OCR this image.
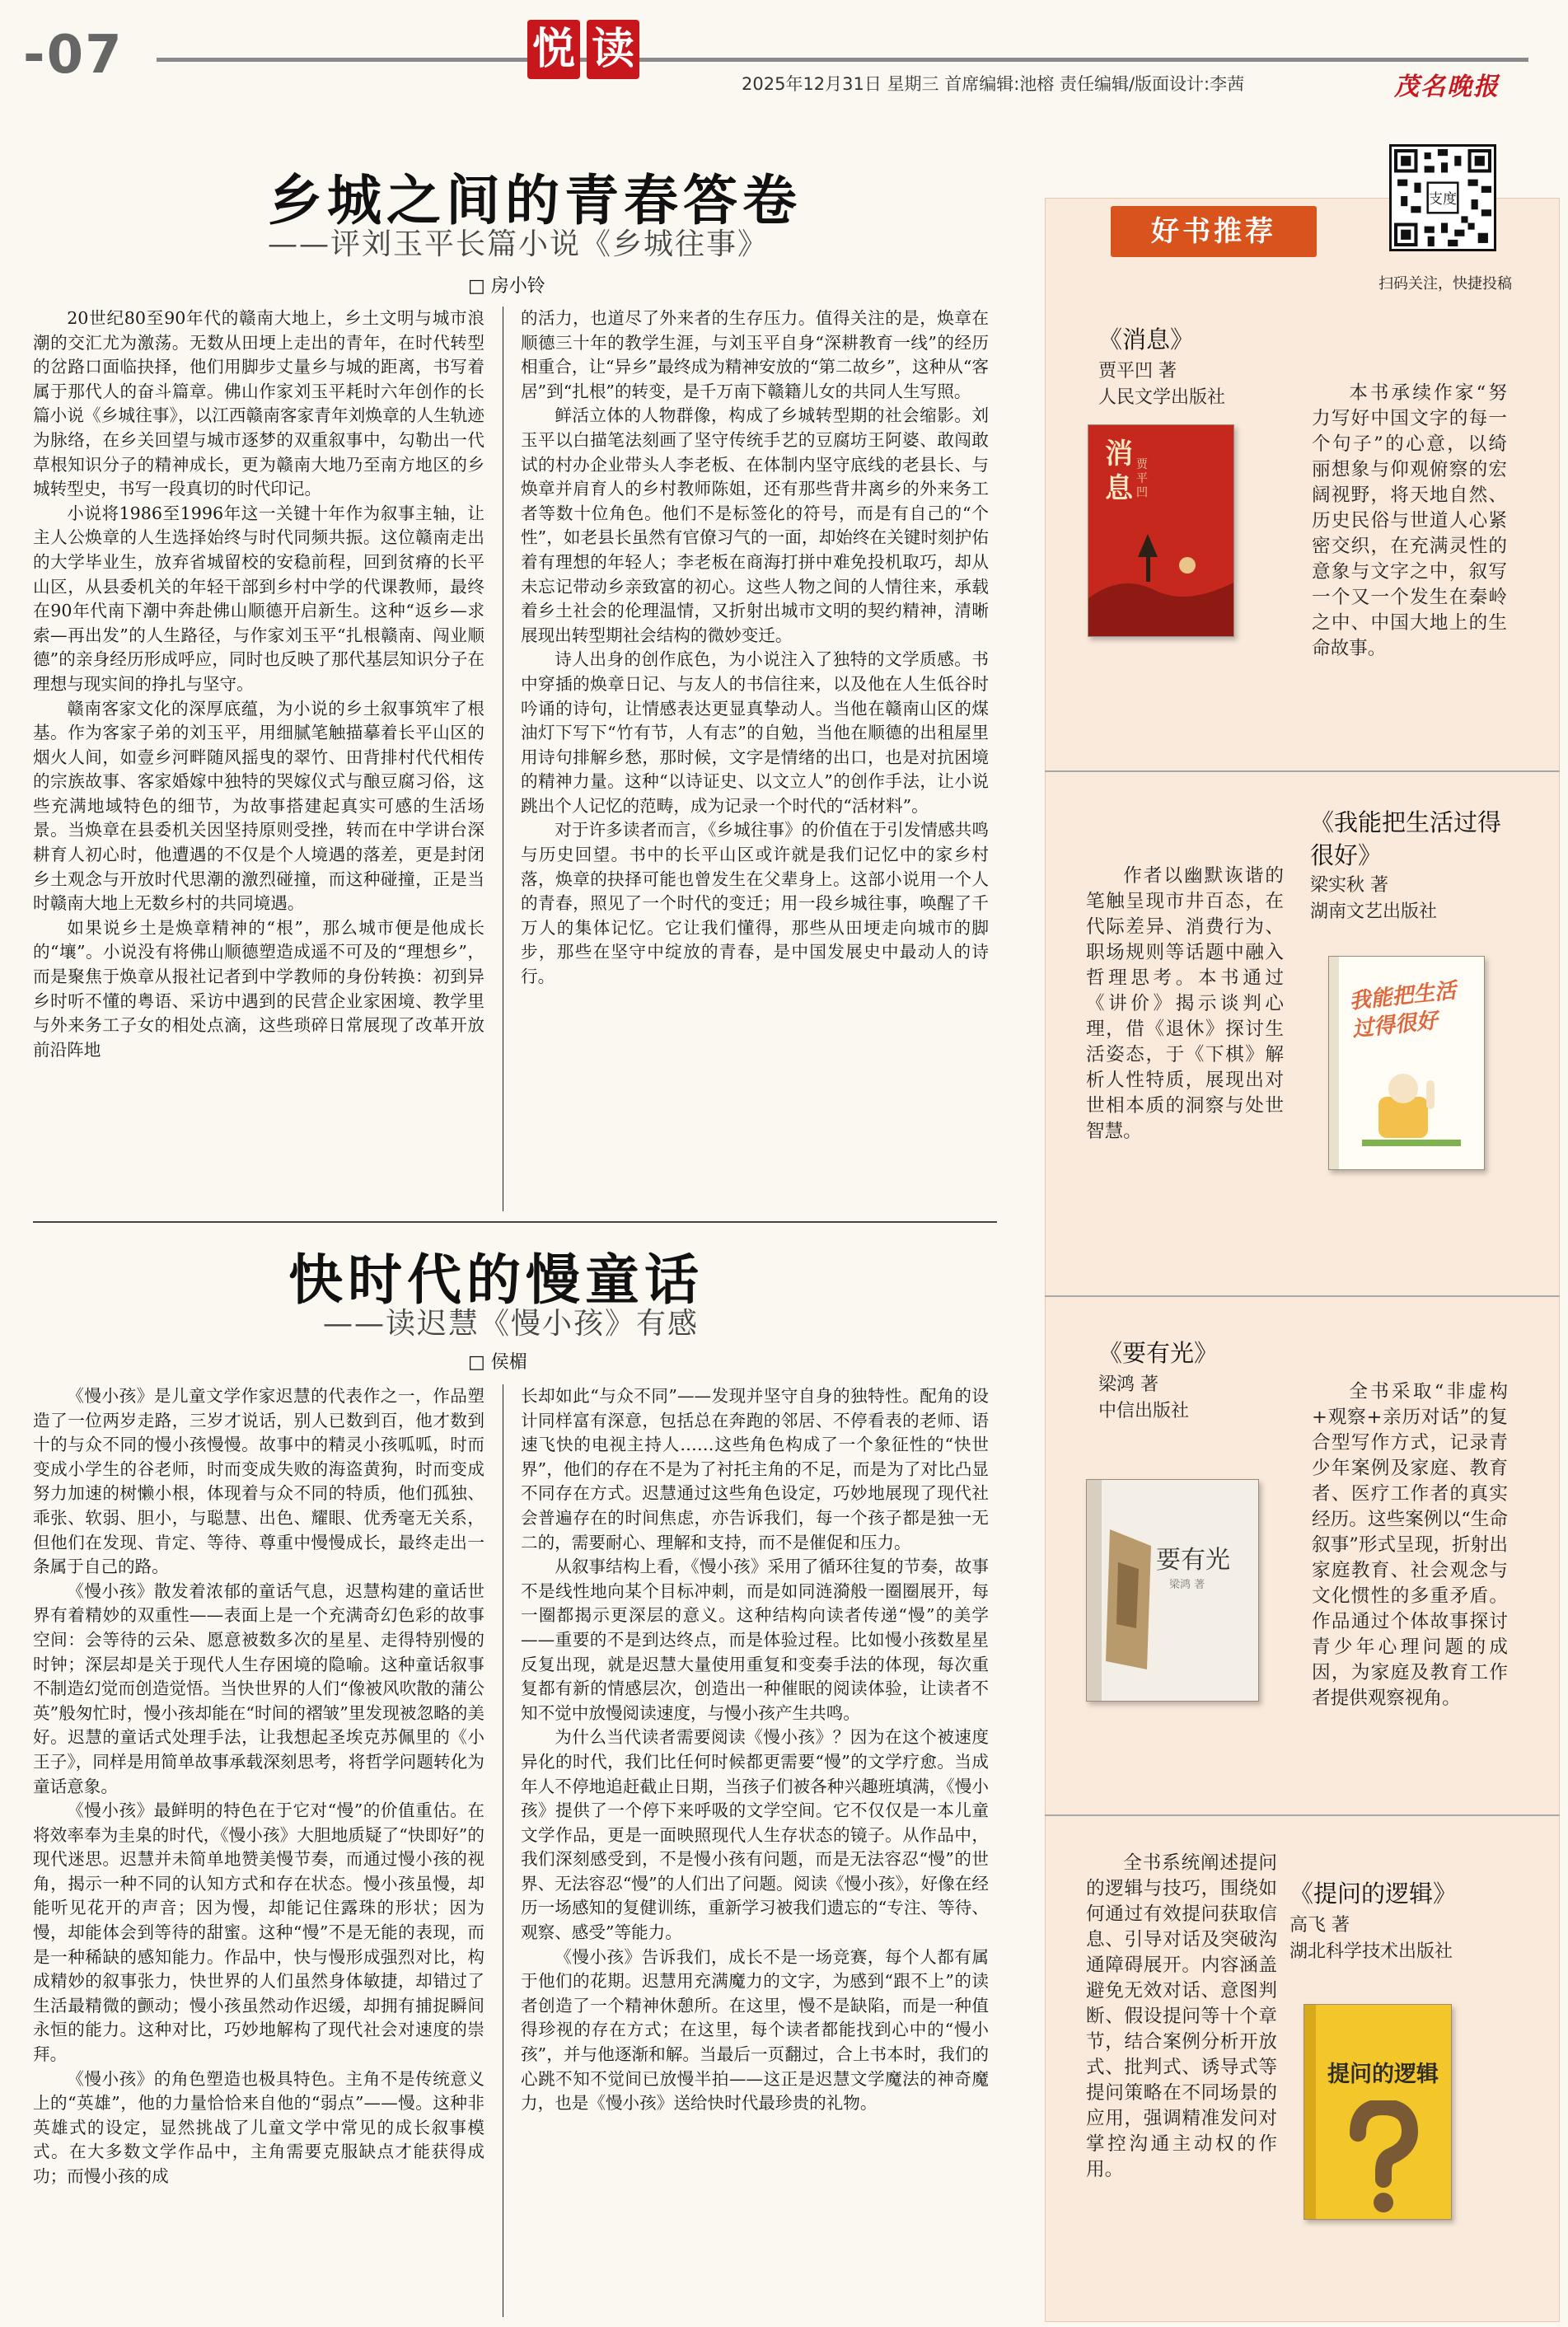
-07	悦 读
2025年12月31日 星期三 首席编辑:池榕 责任编辑/版面设计:李茜	茂名晚报
乡城之间的青春答卷
——评刘玉平长篇小说《乡城往事》
□ 房小铃

20世纪80至90年代的赣南大地上，乡土文明与城市浪潮的交汇尤为激荡。无数从田埂上走出的青年，在时代转型的岔路口面临抉择，他们用脚步丈量乡与城的距离，书写着属于那代人的奋斗篇章。佛山作家刘玉平耗时六年创作的长篇小说《乡城往事》，以江西赣南客家青年刘焕章的人生轨迹为脉络，在乡关回望与城市逐梦的双重叙事中，勾勒出一代草根知识分子的精神成长，更为赣南大地乃至南方地区的乡城转型史，书写一段真切的时代印记。

小说将1986至1996年这一关键十年作为叙事主轴，让主人公焕章的人生选择始终与时代同频共振。这位赣南走出的大学毕业生，放弃省城留校的安稳前程，回到贫瘠的长平山区，从县委机关的年轻干部到乡村中学的代课教师，最终在90年代南下潮中奔赴佛山顺德开启新生。这种“返乡—求索—再出发”的人生路径，与作家刘玉平“扎根赣南、闯业顺德”的亲身经历形成呼应，同时也反映了那代基层知识分子在理想与现实间的挣扎与坚守。

赣南客家文化的深厚底蕴，为小说的乡土叙事筑牢了根基。作为客家子弟的刘玉平，用细腻笔触描摹着长平山区的烟火人间，如壹乡河畔随风摇曳的翠竹、田背排村代代相传的宗族故事、客家婚嫁中独特的哭嫁仪式与酿豆腐习俗，这些充满地域特色的细节，为故事搭建起真实可感的生活场景。当焕章在县委机关因坚持原则受挫，转而在中学讲台深耕育人初心时，他遭遇的不仅是个人境遇的落差，更是封闭乡土观念与开放时代思潮的激烈碰撞，而这种碰撞，正是当时赣南大地上无数乡村的共同境遇。

如果说乡土是焕章精神的“根”，那么城市便是他成长的“壤”。小说没有将佛山顺德塑造成遥不可及的“理想乡”，而是聚焦于焕章从报社记者到中学教师的身份转换：初到异乡时听不懂的粤语、采访中遇到的民营企业家困境、教学里与外来务工子女的相处点滴，这些琐碎日常展现了改革开放前沿阵地

的活力，也道尽了外来者的生存压力。值得关注的是，焕章在顺德三十年的教学生涯，与刘玉平自身“深耕教育一线”的经历相重合，让“异乡”最终成为精神安放的“第二故乡”，这种从“客居”到“扎根”的转变，是千万南下赣籍儿女的共同人生写照。

鲜活立体的人物群像，构成了乡城转型期的社会缩影。刘玉平以白描笔法刻画了坚守传统手艺的豆腐坊王阿婆、敢闯敢试的村办企业带头人李老板、在体制内坚守底线的老县长、与焕章并肩育人的乡村教师陈姐，还有那些背井离乡的外来务工者等数十位角色。他们不是标签化的符号，而是有自己的“个性”，如老县长虽然有官僚习气的一面，却始终在关键时刻护佑着有理想的年轻人；李老板在商海打拼中难免投机取巧，却从未忘记带动乡亲致富的初心。这些人物之间的人情往来，承载着乡土社会的伦理温情，又折射出城市文明的契约精神，清晰展现出转型期社会结构的微妙变迁。

诗人出身的创作底色，为小说注入了独特的文学质感。书中穿插的焕章日记、与友人的书信往来，以及他在人生低谷时吟诵的诗句，让情感表达更显真挚动人。当他在赣南山区的煤油灯下写下“竹有节，人有志”的自勉，当他在顺德的出租屋里用诗句排解乡愁，那时候，文字是情绪的出口，也是对抗困境的精神力量。这种“以诗证史、以文立人”的创作手法，让小说跳出个人记忆的范畴，成为记录一个时代的“活材料”。

对于许多读者而言，《乡城往事》的价值在于引发情感共鸣与历史回望。书中的长平山区或许就是我们记忆中的家乡村落，焕章的抉择可能也曾发生在父辈身上。这部小说用一个人的青春，照见了一个时代的变迁；用一段乡城往事，唤醒了千万人的集体记忆。它让我们懂得，那些从田埂走向城市的脚步，那些在坚守中绽放的青春，是中国发展史中最动人的诗行。

快时代的慢童话
——读迟慧《慢小孩》有感
□ 侯楣

《慢小孩》是儿童文学作家迟慧的代表作之一，作品塑造了一位两岁走路，三岁才说话，别人已数到百，他才数到十的与众不同的慢小孩慢慢。故事中的精灵小孩呱呱，时而变成小学生的谷老师，时而变成失败的海盗黄狗，时而变成努力加速的树懒小根，体现着与众不同的特质，他们孤独、乖张、软弱、胆小，与聪慧、出色、耀眼、优秀毫无关系，但他们在发现、肯定、等待、尊重中慢慢成长，最终走出一条属于自己的路。

《慢小孩》散发着浓郁的童话气息，迟慧构建的童话世界有着精妙的双重性——表面上是一个充满奇幻色彩的故事空间：会等待的云朵、愿意被数多次的星星、走得特别慢的时钟；深层却是关于现代人生存困境的隐喻。这种童话叙事不制造幻觉而创造觉悟。当快世界的人们“像被风吹散的蒲公英”般匆忙时，慢小孩却能在“时间的褶皱”里发现被忽略的美好。迟慧的童话式处理手法，让我想起圣埃克苏佩里的《小王子》，同样是用简单故事承载深刻思考，将哲学问题转化为童话意象。

《慢小孩》最鲜明的特色在于它对“慢”的价值重估。在将效率奉为圭臬的时代，《慢小孩》大胆地质疑了“快即好”的现代迷思。迟慧并未简单地赞美慢节奏，而通过慢小孩的视角，揭示一种不同的认知方式和存在状态。慢小孩虽慢，却能听见花开的声音；因为慢，却能记住露珠的形状；因为慢，却能体会到等待的甜蜜。这种“慢”不是无能的表现，而是一种稀缺的感知能力。作品中，快与慢形成强烈对比，构成精妙的叙事张力，快世界的人们虽然身体敏捷，却错过了生活最精微的颤动；慢小孩虽然动作迟缓，却拥有捕捉瞬间永恒的能力。这种对比，巧妙地解构了现代社会对速度的崇拜。

《慢小孩》的角色塑造也极具特色。主角不是传统意义上的“英雄”，他的力量恰恰来自他的“弱点”——慢。这种非英雄式的设定，显然挑战了儿童文学中常见的成长叙事模式。在大多数文学作品中，主角需要克服缺点才能获得成功；而慢小孩的成

长却如此“与众不同”——发现并坚守自身的独特性。配角的设计同样富有深意，包括总在奔跑的邻居、不停看表的老师、语速飞快的电视主持人……这些角色构成了一个象征性的“快世界”，他们的存在不是为了衬托主角的不足，而是为了对比凸显不同存在方式。迟慧通过这些角色设定，巧妙地展现了现代社会普遍存在的时间焦虑，亦告诉我们，每一个孩子都是独一无二的，需要耐心、理解和支持，而不是催促和压力。

从叙事结构上看，《慢小孩》采用了循环往复的节奏，故事不是线性地向某个目标冲刺，而是如同涟漪般一圈圈展开，每一圈都揭示更深层的意义。这种结构向读者传递“慢”的美学——重要的不是到达终点，而是体验过程。比如慢小孩数星星反复出现，就是迟慧大量使用重复和变奏手法的体现，每次重复都有新的情感层次，创造出一种催眠的阅读体验，让读者不知不觉中放慢阅读速度，与慢小孩产生共鸣。

为什么当代读者需要阅读《慢小孩》？因为在这个被速度异化的时代，我们比任何时候都更需要“慢”的文学疗愈。当成年人不停地追赶截止日期，当孩子们被各种兴趣班填满，《慢小孩》提供了一个停下来呼吸的文学空间。它不仅仅是一本儿童文学作品，更是一面映照现代人生存状态的镜子。从作品中，我们深刻感受到，不是慢小孩有问题，而是无法容忍“慢”的世界、无法容忍“慢”的人们出了问题。阅读《慢小孩》，好像在经历一场感知的复健训练，重新学习被我们遗忘的“专注、等待、观察、感受”等能力。

《慢小孩》告诉我们，成长不是一场竞赛，每个人都有属于他们的花期。迟慧用充满魔力的文字，为感到“跟不上”的读者创造了一个精神休憩所。在这里，慢不是缺陷，而是一种值得珍视的存在方式；在这里，每个读者都能找到心中的“慢小孩”，并与他逐渐和解。当最后一页翻过，合上书本时，我们的心跳不知不觉间已放慢半拍——这正是迟慧文学魔法的神奇魔力，也是《慢小孩》送给快时代最珍贵的礼物。

好书推荐
支度
扫码关注，快捷投稿
《消息》
贾平凹 著
人民文学出版社
消息
贾平凹

本书承续作家“努力写好中国文字的每一个句子”的心意，以绮丽想象与仰观俯察的宏阔视野，将天地自然、历史民俗与世道人心紧密交织，在充满灵性的意象与文字之中，叙写一个又一个发生在秦岭之中、中国大地上的生命故事。

《我能把生活过得很好》
梁实秋 著
湖南文艺出版社

作者以幽默诙谐的笔触呈现市井百态，在代际差异、消费行为、职场规则等话题中融入哲理思考。本书通过《讲价》揭示谈判心理，借《退休》探讨生活姿态，于《下棋》解析人性特质，展现出对世相本质的洞察与处世智慧。

我能把生活过得很好
《要有光》
梁鸿 著
中信出版社

全书采取“非虚构+观察+亲历对话”的复合型写作方式，记录青少年案例及家庭、教育者、医疗工作者的真实经历。这些案例以“生命叙事”形式呈现，折射出家庭教育、社会观念与文化惯性的多重矛盾。作品通过个体故事探讨青少年心理问题的成因，为家庭及教育工作者提供观察视角。

要有光
梁鸿 著
《提问的逻辑》
高飞 著
湖北科学技术出版社

全书系统阐述提问的逻辑与技巧，围绕如何通过有效提问获取信息、引导对话及突破沟通障碍展开。内容涵盖避免无效对话、意图判断、假设提问等十个章节，结合案例分析开放式、批判式、诱导式等提问策略在不同场景的应用，强调精准发问对掌控沟通主动权的作用。

提问的逻辑
